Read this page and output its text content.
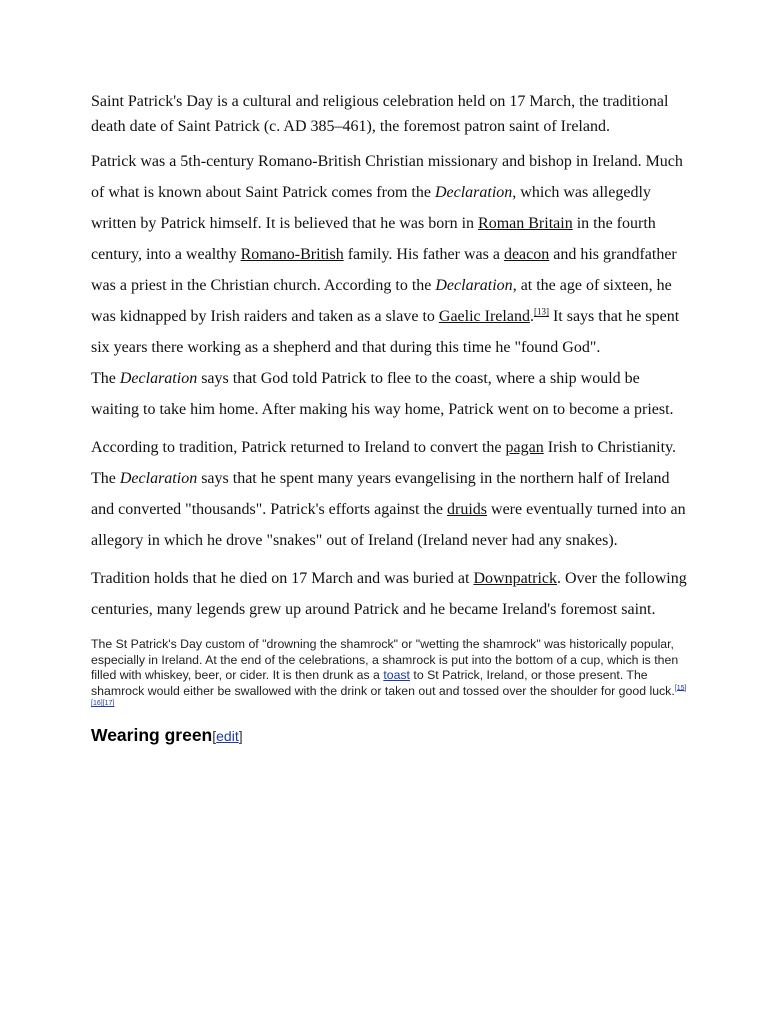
Saint Patrick's Day is a cultural and religious celebration held on 17 March, the traditional death date of Saint Patrick (c. AD 385–461), the foremost patron saint of Ireland.

Patrick was a 5th-century Romano-British Christian missionary and bishop in Ireland. Much of what is known about Saint Patrick comes from the Declaration, which was allegedly written by Patrick himself. It is believed that he was born in Roman Britain in the fourth century, into a wealthy Romano-British family. His father was a deacon and his grandfather was a priest in the Christian church. According to the Declaration, at the age of sixteen, he was kidnapped by Irish raiders and taken as a slave to Gaelic Ireland.[13] It says that he spent six years there working as a shepherd and that during this time he "found God".

The Declaration says that God told Patrick to flee to the coast, where a ship would be waiting to take him home. After making his way home, Patrick went on to become a priest.

According to tradition, Patrick returned to Ireland to convert the pagan Irish to Christianity. The Declaration says that he spent many years evangelising in the northern half of Ireland and converted "thousands". Patrick's efforts against the druids were eventually turned into an allegory in which he drove "snakes" out of Ireland (Ireland never had any snakes).

Tradition holds that he died on 17 March and was buried at Downpatrick. Over the following centuries, many legends grew up around Patrick and he became Ireland's foremost saint.

The St Patrick's Day custom of "drowning the shamrock" or "wetting the shamrock" was historically popular, especially in Ireland. At the end of the celebrations, a shamrock is put into the bottom of a cup, which is then filled with whiskey, beer, or cider. It is then drunk as a toast to St Patrick, Ireland, or those present. The shamrock would either be swallowed with the drink or taken out and tossed over the shoulder for good luck.[15][16][17]

Wearing green[edit]
